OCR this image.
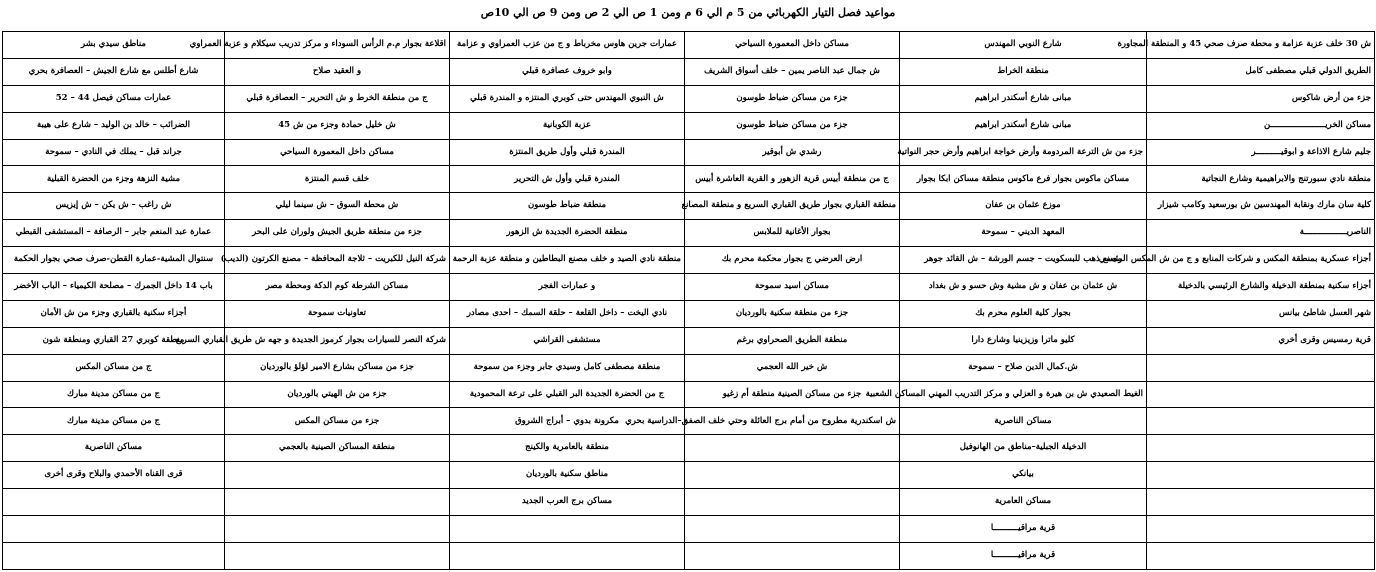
مواعيد فصل التيار الكهربائي من 5 م الي 6 م ومن 1 ص الي 2 ص ومن 9 ص الي 10ص
ش 30 خلف عزبة عزامة و محطة صرف صحي 45 و المنطقة المجاورة	شارع النوبي المهندس	مساكن داخل المعمورة السياحي	عمارات جرين هاوس مخرباط و ج من عزب العمراوي و عزامة	اقلاعة بجوار م.م الرأس السوداء و مركز تدريب سيكلام و عزبة العمراوي	مناطق سيدي بشر
الطريق الدولي قبلي مصطفى كامل	منطقة الخراط	ش جمال عبد الناصر يمين – خلف أسواق الشريف	وابو خروف عصافرة قبلي	و العقيد صلاح	شارع أطلس مع شارع الجيش – العصافرة بحري
جزء من أرض شاكوس	مبانى شارع أسكندر ابراهيم	جزء من مساكن ضباط طوسون	ش النبوي المهندس حتى كوبري المنتزه و المندرة قبلي	ج من منطقة الخرط و ش التحرير – العصافرة قبلي	عمارات مساكن فيصل 44 – 52
مساكن الخريــــــــــــــــــــــن	مبانى شارع أسكندر ابراهيم	جزء من مساكن ضباط طوسون	عزبة الكوبانية	ش خليل حمادة وجزء من ش 45	الضرائب – خالد بن الوليد – شارع على هيبة
جليم شارع الاذاعة و ابوقيــــــــــر	جزء من ش الترعة المردومة وأرض خواجة ابراهيم وأرض حجر النواتية	رشدي ش أبوقير	المندرة قبلي وأول طريق المنتزة	مساكن داخل المعمورة السياحي	جراند قبل – يملك في النادي – سموحة
منطقة نادي سبورتنج والابراهيمية وشارع النجاتية	مساكن ماكوس بجوار فرع ماكوس منطقة مساكن ابكا بجوار	ج من منطقة أبيس قرية الزهور و القرية العاشرة أبيس	المندرة قبلي وأول ش التحرير	خلف قسم المنتزة	مشية النزهة وجزء من الحضرة القبلية
كلية سان مارك ونقابة المهندسين ش بورسعيد وكامب شيزار	موزع عثمان بن عفان	منطقة القباري بجوار طريق القباري السريع و منطقة المصانع	منطقة ضباط طوسون	ش محطة السوق – ش سينما ليلي	ش راغب – ش يكن – ش إيزيس
الناصريـــــــــــــــــة	المعهد الديني – سموحة	بجوار الأغانية للملابس	منطقة الحضرة الجديدة ش الزهور	جزء من منطقة طريق الجيش ولوران على البحر	عمارة عبد المنعم جابر – الرصافة – المستشفى القبطي
أجزاء عسكرية بمنطقة المكس و شركات المنابع و ج من ش المكس الرئيسي	مصنع ذهب للبسكويت – جسم الورشة – ش القائد جوهر	ارض العرضي ج بجوار محكمة محرم بك	منطقة نادي الصيد و خلف مصنع البطاطين و منطقة عزبة الرحمة	شركة النيل للكبريت – ثلاجة المحافظة – مصنع الكرتون (الديب)	سنتوال المشية-عمارة القطن-صرف صحي بجوار الحكمة
أجزاء سكنية بمنطقة الدخيلة والشارع الرئيسي بالدخيلة	ش عثمان بن عفان و ش مشية وش حسو و ش بغداد	مساكن اسيد سموحة	و عمارات الفجر	مساكن الشرطة كوم الدكة ومحطة مصر	باب 14 داخل الجمرك – مصلحة الكيمياء – الباب الأخضر
شهر العسل شاطئ بيانس	بجوار كلية العلوم محرم بك	جزء من منطقة سكنية بالوردیان	نادي اليخت – داخل القلعة – حلقة السمك – احدى مصادر	تعاونيات سموحة	أجزاء سكنية بالقباري وجزء من ش الأمان
قرية رمسيس وقرى أخري	كليو ماترا وزيزينيا وشارع دارا	منطقة الطريق الصحراوي برغم	مستشفى القراشي	شركة النصر للسيارات بجوار كرموز الجديدة و جهه ش طريق القباري السريع	منطقة كوبري 27 القباري ومنطقة شون
	ش.كمال الدين صلاح – سموحة	ش خير الله العجمي	منطقة مصطفى كامل وسيدي جابر وجزء من سموحة	جزء من مساكن بشارع الامير لؤلؤ بالوردیان	ج من مساكن المكس
	الغيط الصعيدي ش بن هيرة و العزلي و مركز التدريب المهني المساكن الشعبية	جزء من مساكن الصينية منطقة أم زغيو	ج من الحضرة الجديدة البر القبلي على ترعة المحمودية	جزء من ش الهيتي بالوردیان	ج من مساكن مدينة مبارك
	مساكن الناصرية	ش اسكندرية مطروح من أمام برج العائلة وحتي خلف الصفق–الدراسية بحري	مكرونة بدوي – أبراج الشروق	جزء من مساكن المكس	ج من مساكن مدينة مبارك
	الدخيلة الجبلية–مناطق من الهانوفيل		منطقة بالعامرية والكينج	منطقة المساكن الصينية بالعجمي	مساكن الناصرية
	بيانكي		مناطق سكنية بالوردیان		قرى القناه الأحمدي والبلاح وقرى أخرى
	مساكن العامرية		مساكن برج العرب الجديد		
	قرية مراقيــــــــــا				
	قرية مراقيــــــــــا				
